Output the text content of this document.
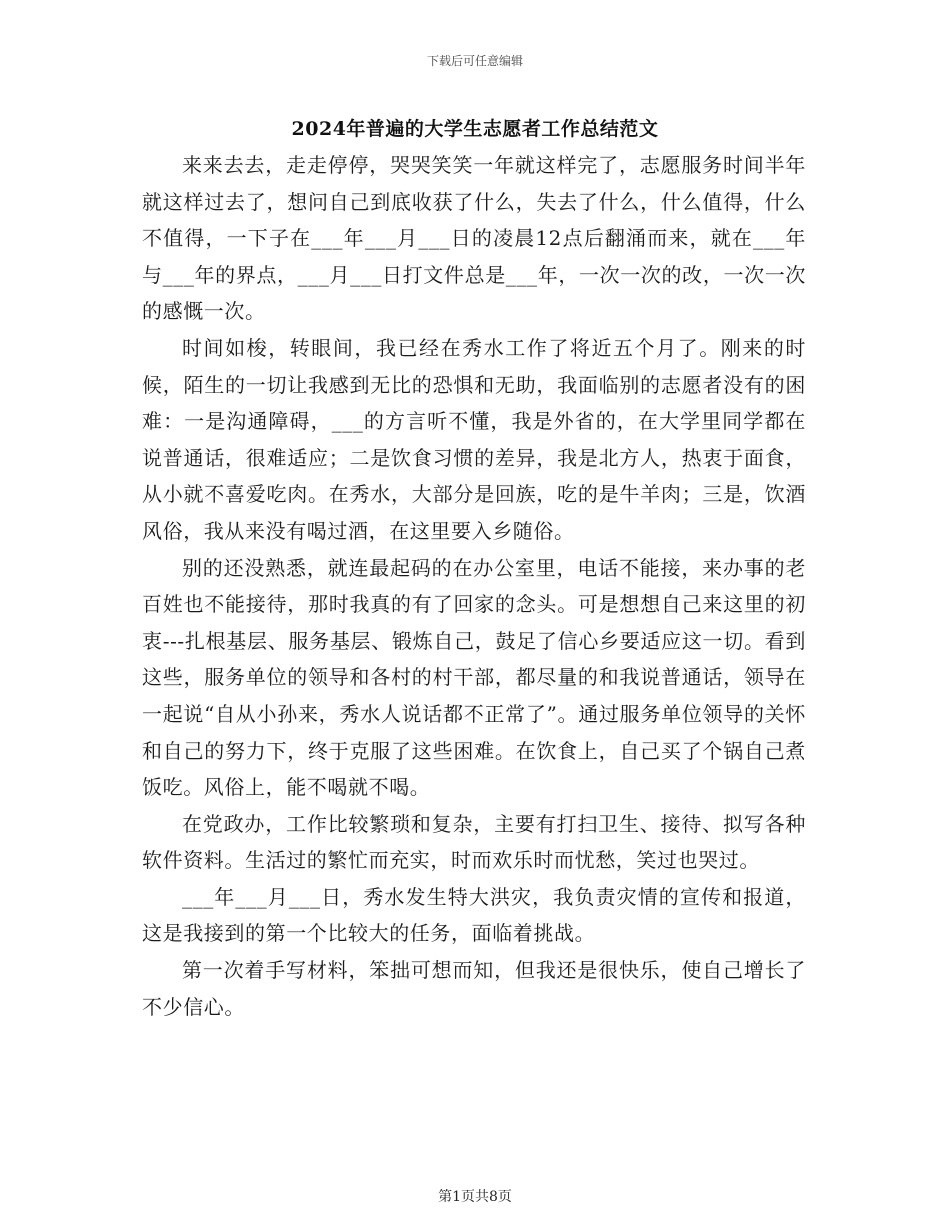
下载后可任意编辑
2024年普遍的大学生志愿者工作总结范文

来来去去，走走停停，哭哭笑笑一年就这样完了，志愿服务时间半年就这样过去了，想问自己到底收获了什么，失去了什么，什么值得，什么不值得，一下子在___年___月___日的凌晨12点后翻涌而来，就在___年与___年的界点，___月___日打文件总是___年，一次一次的改，一次一次的感慨一次。

时间如梭，转眼间，我已经在秀水工作了将近五个月了。刚来的时候，陌生的一切让我感到无比的恐惧和无助，我面临别的志愿者没有的困难：一是沟通障碍，___的方言听不懂，我是外省的，在大学里同学都在说普通话，很难适应；二是饮食习惯的差异，我是北方人，热衷于面食，从小就不喜爱吃肉。在秀水，大部分是回族，吃的是牛羊肉；三是，饮酒风俗，我从来没有喝过酒，在这里要入乡随俗。

别的还没熟悉，就连最起码的在办公室里，电话不能接，来办事的老百姓也不能接待，那时我真的有了回家的念头。可是想想自己来这里的初衷---扎根基层、服务基层、锻炼自己，鼓足了信心乡要适应这一切。看到这些，服务单位的领导和各村的村干部，都尽量的和我说普通话，领导在一起说“自从小孙来，秀水人说话都不正常了”。通过服务单位领导的关怀和自己的努力下，终于克服了这些困难。在饮食上，自己买了个锅自己煮饭吃。风俗上，能不喝就不喝。

在党政办，工作比较繁琐和复杂，主要有打扫卫生、接待、拟写各种软件资料。生活过的繁忙而充实，时而欢乐时而忧愁，笑过也哭过。

___年___月___日，秀水发生特大洪灾，我负责灾情的宣传和报道，这是我接到的第一个比较大的任务，面临着挑战。

第一次着手写材料，笨拙可想而知，但我还是很快乐，使自己增长了不少信心。

第1页共8页
